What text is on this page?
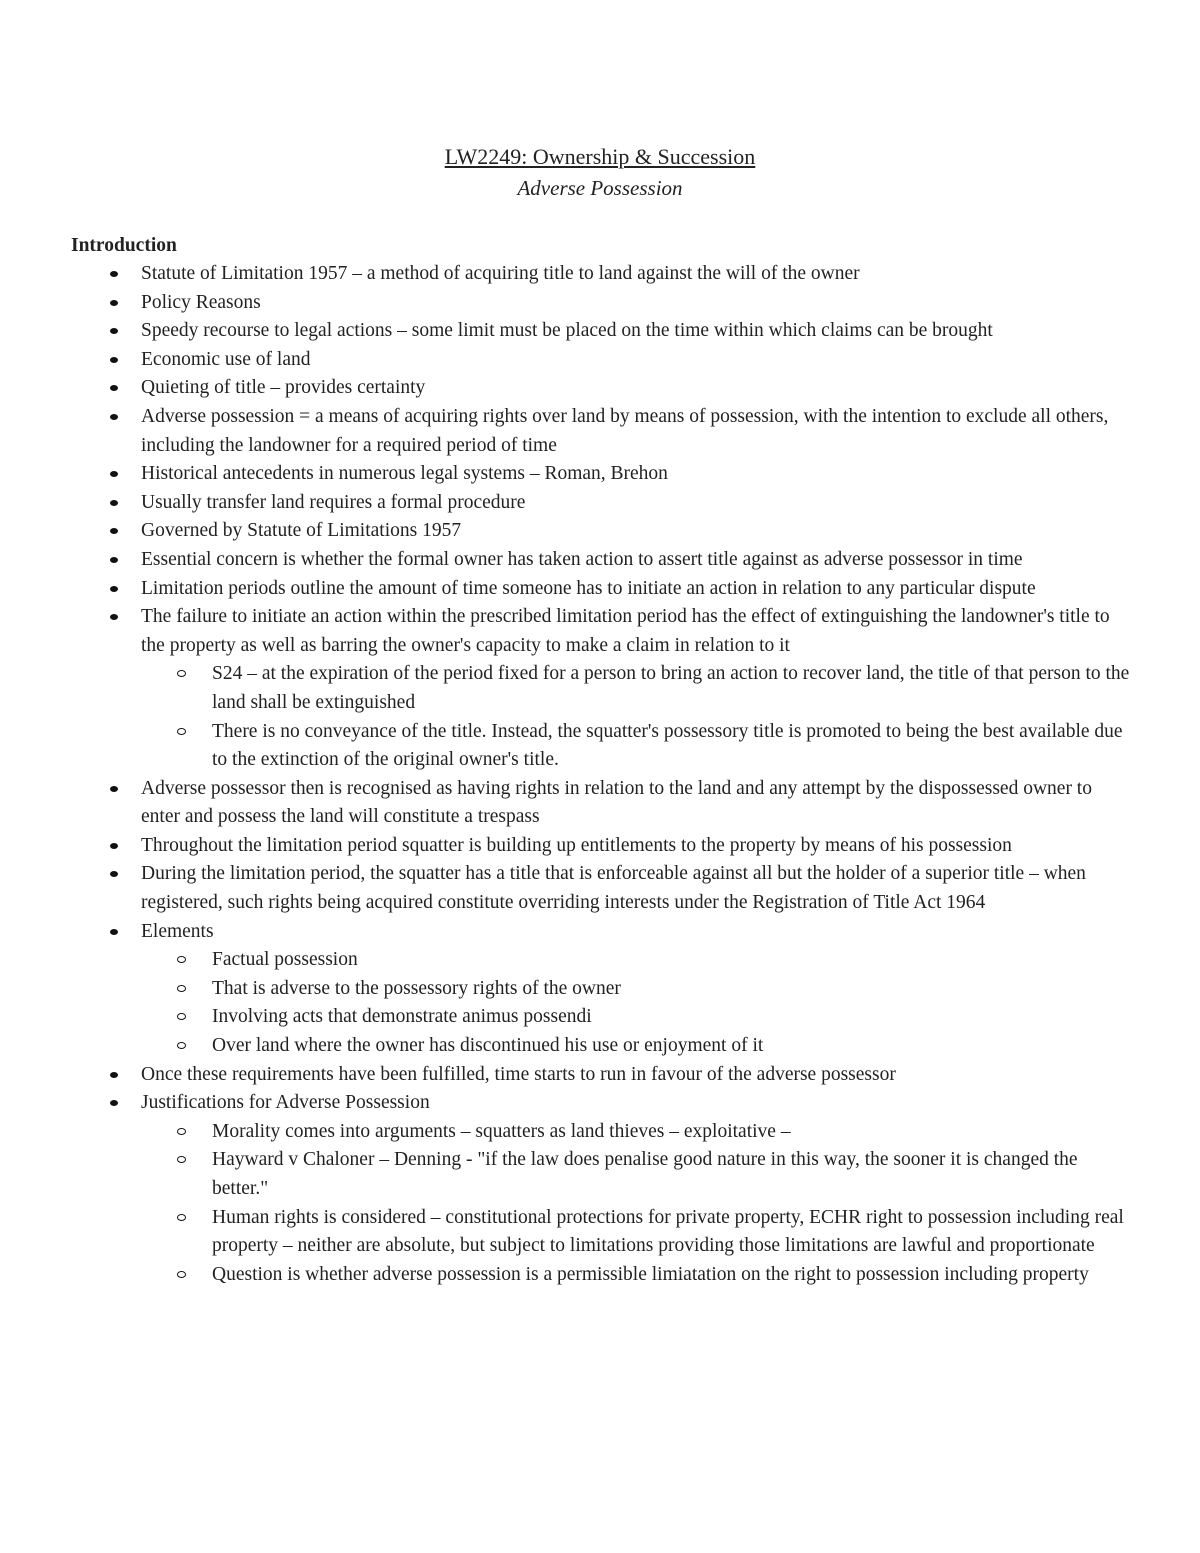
LW2249: Ownership & Succession
Adverse Possession
Introduction
Statute of Limitation 1957 – a method of acquiring title to land against the will of the owner
Policy Reasons
Speedy recourse to legal actions – some limit must be placed on the time within which claims can be brought
Economic use of land
Quieting of title – provides certainty
Adverse possession = a means of acquiring rights over land by means of possession, with the intention to exclude all others, including the landowner for a required period of time
Historical antecedents in numerous legal systems – Roman, Brehon
Usually transfer land requires a formal procedure
Governed by Statute of Limitations 1957
Essential concern is whether the formal owner has taken action to assert title against as adverse possessor in time
Limitation periods outline the amount of time someone has to initiate an action in relation to any particular dispute
The failure to initiate an action within the prescribed limitation period has the effect of extinguishing the landowner's title to the property as well as barring the owner's capacity to make a claim in relation to it
S24 – at the expiration of the period fixed for a person to bring an action to recover land, the title of that person to the land shall be extinguished
There is no conveyance of the title. Instead, the squatter's possessory title is promoted to being the best available due to the extinction of the original owner's title.
Adverse possessor then is recognised as having rights in relation to the land and any attempt by the dispossessed owner to enter and possess the land will constitute a trespass
Throughout the limitation period squatter is building up entitlements to the property by means of his possession
During the limitation period, the squatter has a title that is enforceable against all but the holder of a superior title – when registered, such rights being acquired constitute overriding interests under the Registration of Title Act 1964
Elements
Factual possession
That is adverse to the possessory rights of the owner
Involving acts that demonstrate animus possendi
Over land where the owner has discontinued his use or enjoyment of it
Once these requirements have been fulfilled, time starts to run in favour of the adverse possessor
Justifications for Adverse Possession
Morality comes into arguments – squatters as land thieves – exploitative –
Hayward v Chaloner – Denning - "if the law does penalise good nature in this way, the sooner it is changed the better."
Human rights is considered – constitutional protections for private property, ECHR right to possession including real property – neither are absolute, but subject to limitations providing those limitations are lawful and proportionate
Question is whether adverse possession is a permissible limiatation on the right to possession including property
